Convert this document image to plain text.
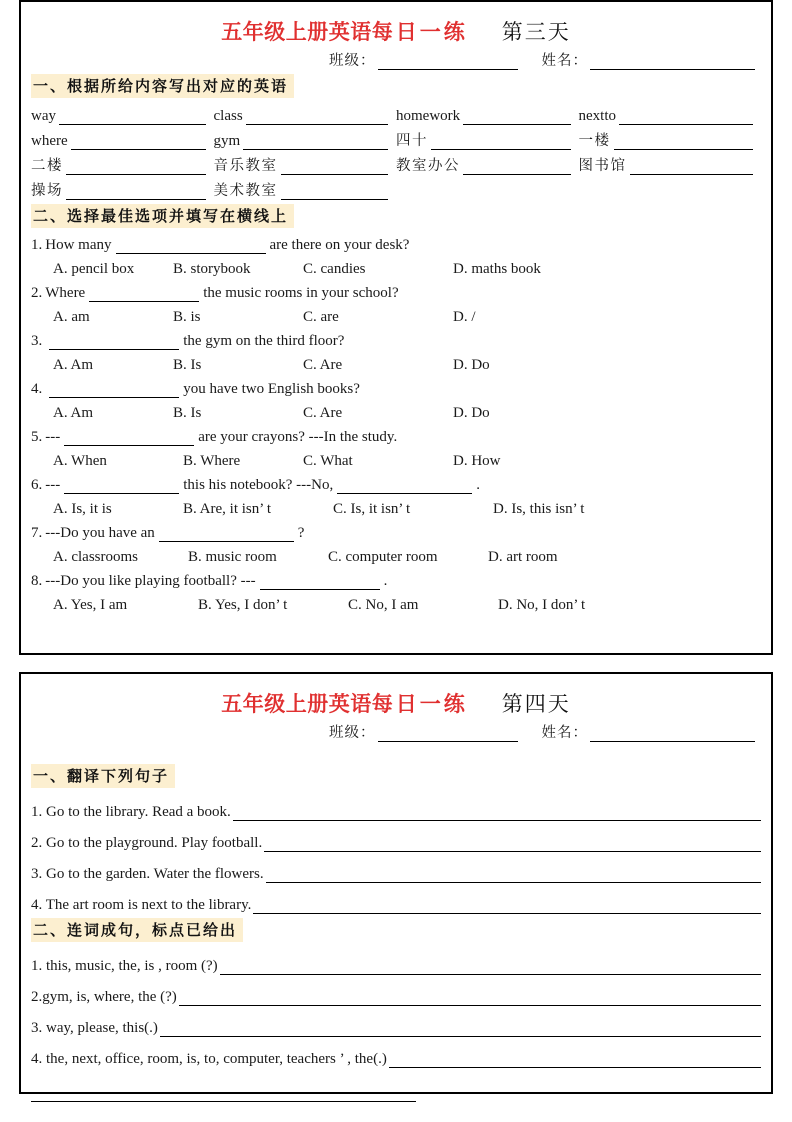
五年级上册英语每日一练 第三天
班级：	姓名：
一、根据所给内容写出对应的英语
way	class	homework	nextto
where	gym	四十	一楼
二楼	音乐教室	教室办公	图书馆
操场	美术教室
二、选择最佳选项并填写在横线上
1. How many	are there on your desk?
A. pencil box	B. storybook	C. candies	D. maths book
2. Where	the music rooms in your school?
A. am	B. is	C. are	D. /
3.	the gym on the third floor?
A. Am	B. Is	C. Are	D. Do
4.	you have two English books?
A. Am	B. Is	C. Are	D. Do
5. ---	are your crayons? ---In the study.
A. When	B. Where	C. What	D. How
6. ---	this his notebook? ---No,	.
A. Is, it is	B. Are, it isn’ t	C. Is, it isn’ t	D. Is, this isn’ t
7. ---Do you have an	?
A. classrooms	B. music room	C. computer room	D. art room
8. ---Do you like playing football? ---	.
A. Yes, I am	B. Yes, I don’ t	C. No, I am	D. No, I don’ t
五年级上册英语每日一练 第四天
班级：	姓名：
一、翻译下列句子
1. Go to the library. Read a book.
2. Go to the playground. Play football.
3. Go to the garden. Water the flowers.
4. The art room is next to the library.
二、连词成句，标点已给出
1. this, music, the, is , room (?)
2.gym, is, where, the (?)
3. way, please, this(.)
4. the, next, office, room, is, to, computer, teachers ’ , the(.)
